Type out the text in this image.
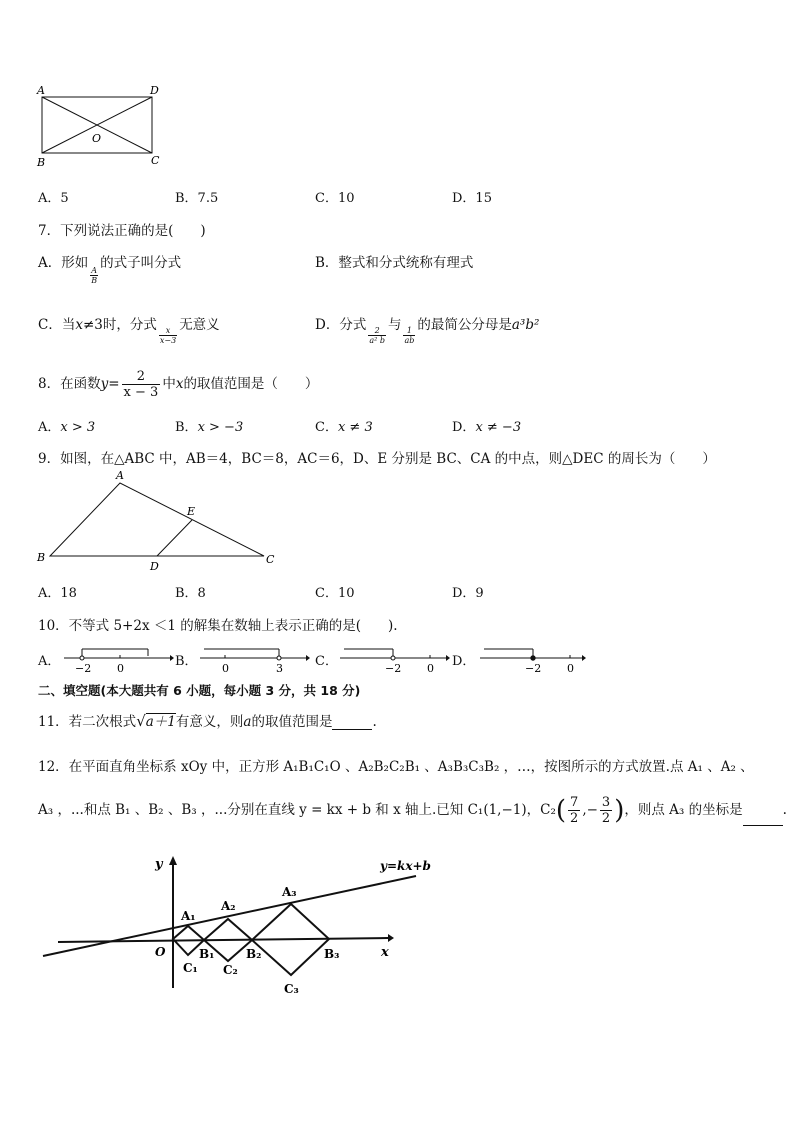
A	D
B	C
O
A．5	B．7.5	C．10	D．15
7．下列说法正确的是(　　)
A．形如
$\frac{A}{B}$
的式子叫分式	B．整式和分式统称有理式
C．当x≠3时，分式
$\frac{x}{x-3}$
无意义	D．分式
$\frac{2}{\text{a² b}}$
与
$\frac{1}{ab}$
的最简公分母是a³b²
8．在函数$y= \frac{2}{x - 3}$ 中x的取值范围是（　　）
A．x > 3	B．x > −3	C．x ≠ 3	D．x ≠ −3
9．如图，在△ABC 中，AB＝4，BC＝8，AC＝6，D、E 分别是 BC、CA 的中点，则△DEC 的周长为（　　）
A
E
B
D
C
A．18	B．8	C．10	D．9
10．不等式 5+2x ＜1 的解集在数轴上表示正确的是(　　).
A． −2 0	B． 0	3 C．	−2 0 D．	−2 0
二、填空题(本大题共有 6 小题，每小题 3 分，共 18 分)
11．若二次根式√a＋1有意义，则a的取值范围是	.
12．在平面直角坐标系 xOy 中，正方形 A₁B₁C₁O 、A₂B₂C₂B₁ 、A₃B₃C₃B₂ ，…，按图所示的方式放置.点 A₁ 、A₂ 、
A₃ ，...和点 B₁ 、B₂ 、B₃ ，...分别在直线 y = kx + b 和 x 轴上.已知 C₁(1,−1)，$C_2( \frac{7}{2}$ ,− $\frac{3}{2}$ )，则点 A₃ 的坐标是	.
y=kx+b
y
x
O
A₁
A₂
A₃
B₁	B₂	B₃
C₁ C₂
C₃
